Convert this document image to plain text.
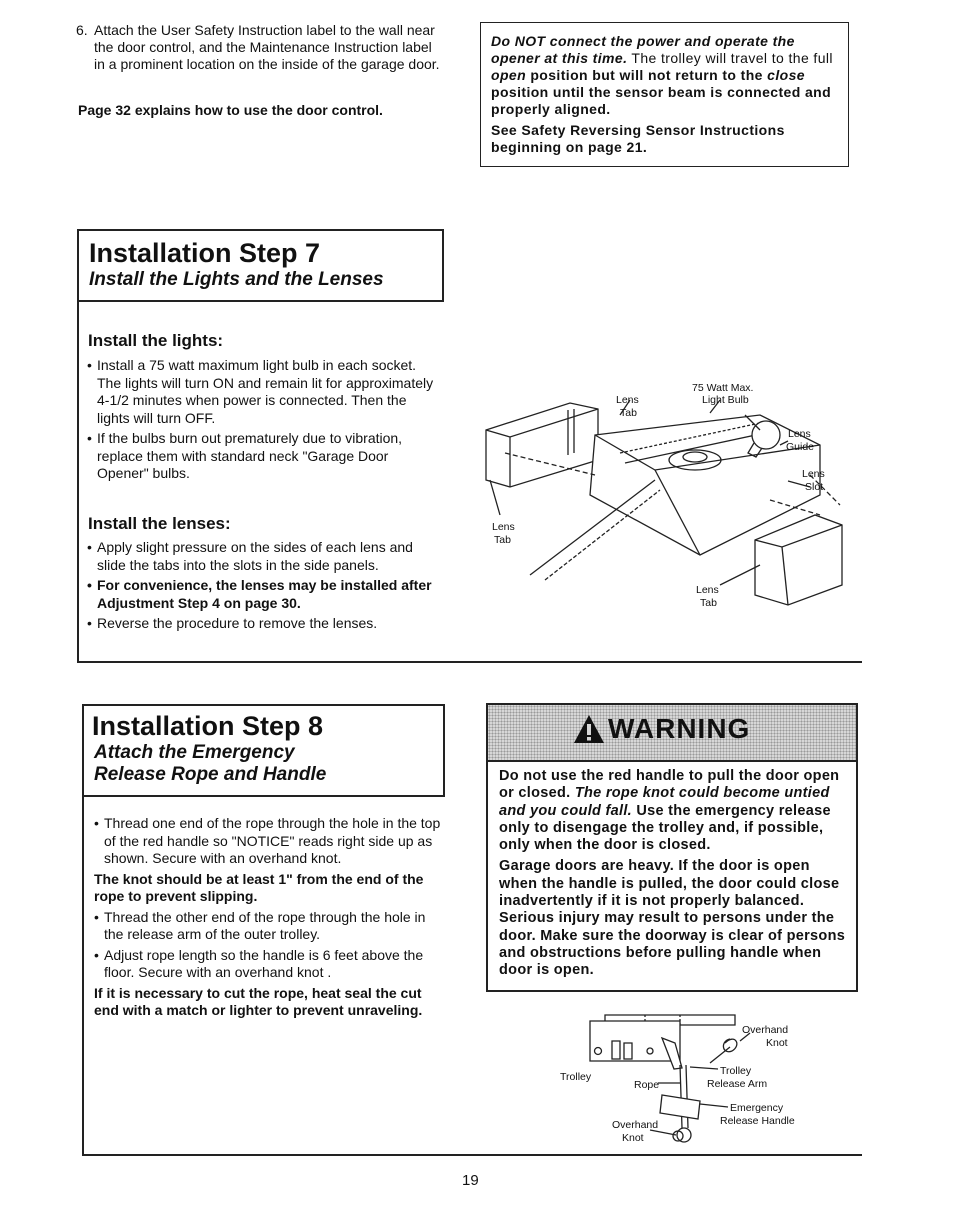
6. Attach the User Safety Instruction label to the wall near the door control, and the Maintenance Instruction label in a prominent location on the inside of the garage door.

Page 32 explains how to use the door control.

Do NOT connect the power and operate the opener at this time. The trolley will travel to the full open position but will not return to the close position until the sensor beam is connected and properly aligned.

See Safety Reversing Sensor Instructions beginning on page 21.

Installation Step 7
Install the Lights and the Lenses
Install the lights:
• Install a 75 watt maximum light bulb in each socket. The lights will turn ON and remain lit for approximately 4-1/2 minutes when power is connected. Then the lights will turn OFF.
• If the bulbs burn out prematurely due to vibration, replace them with standard neck "Garage Door Opener" bulbs.
Install the lenses:
• Apply slight pressure on the sides of each lens and slide the tabs into the slots in the side panels.
• For convenience, the lenses may be installed after Adjustment Step 4 on page 30.
• Reverse the procedure to remove the lenses.
75 Watt Max.
Light Bulb
Lens
Tab
Lens
Guide
Lens
Slot
Lens
Tab
Lens
Tab
Installation Step 8
Attach the Emergency
Release Rope and Handle
• Thread one end of the rope through the hole in the top of the red handle so "NOTICE" reads right side up as shown. Secure with an overhand knot.
The knot should be at least 1" from the end of the rope to prevent slipping.
• Thread the other end of the rope through the hole in the release arm of the outer trolley.
• Adjust rope length so the handle is 6 feet above the floor. Secure with an overhand knot .
If it is necessary to cut the rope, heat seal the cut end with a match or lighter to prevent unraveling.
WARNING

Do not use the red handle to pull the door open or closed. The rope knot could become untied and you could fall. Use the emergency release only to disengage the trolley and, if possible, only when the door is closed.

Garage doors are heavy. If the door is open when the handle is pulled, the door could close inadvertently if it is not properly balanced. Serious injury may result to persons under the door. Make sure the doorway is clear of persons and obstructions before pulling handle when door is open.

Overhand
Knot
Trolley
Rope
Trolley
Release Arm
Emergency
Release Handle
Overhand
Knot
19
